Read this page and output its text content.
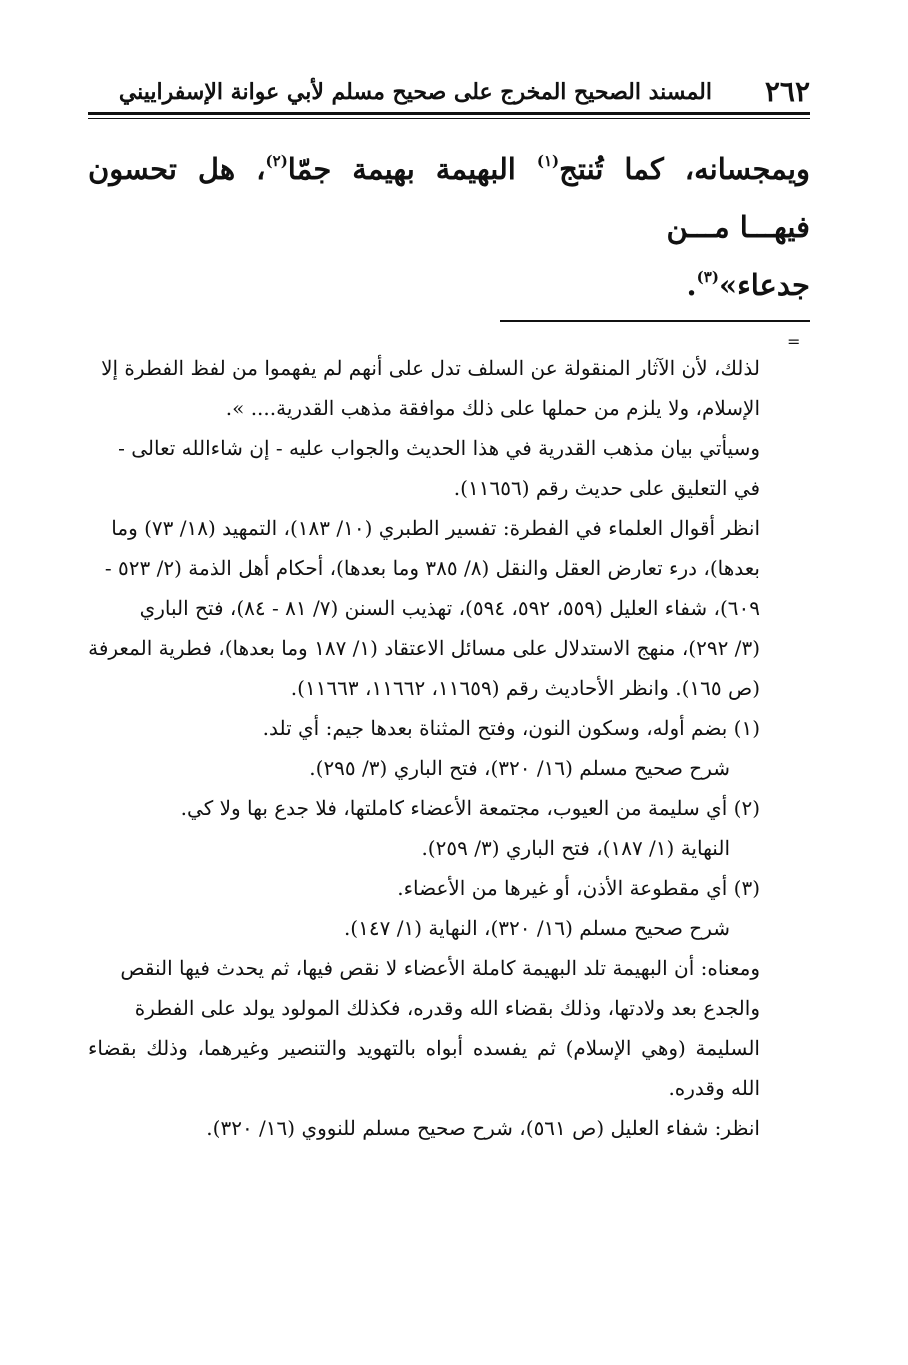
٢٦٢
المسند الصحيح المخرج على صحيح مسلم لأبي عوانة الإسفراييني
ويمجسانه، كما تُنتج$^{(١)}$ البهيمة بهيمة جمّا$^{(٢)}$، هل تحسون فيهـــا مـــن
جدعاء»$^{(٣)}$.
=

لذلك، لأن الآثار المنقولة عن السلف تدل على أنهم لم يفهموا من لفظ الفطرة إلا

الإسلام، ولا يلزم من حملها على ذلك موافقة مذهب القدرية.... ».

وسيأتي بيان مذهب القدرية في هذا الحديث والجواب عليه - إن شاءالله تعالى -

في التعليق على حديث رقم (١١٦٥٦).

انظر أقوال العلماء في الفطرة: تفسير الطبري (١٠/ ١٨٣)، التمهيد (١٨/ ٧٣) وما

بعدها)، درء تعارض العقل والنقل (٨/ ٣٨٥ وما بعدها)، أحكام أهل الذمة (٢/ ٥٢٣ -

٦٠٩)، شفاء العليل (٥٥٩، ٥٩٢، ٥٩٤)، تهذيب السنن (٧/ ٨١ - ٨٤)، فتح الباري

(٣/ ٢٩٢)، منهج الاستدلال على مسائل الاعتقاد (١/ ١٨٧ وما بعدها)، فطرية المعرفة

(ص ١٦٥). وانظر الأحاديث رقم (١١٦٥٩، ١١٦٦٢، ١١٦٦٣).

(١) بضم أوله، وسكون النون، وفتح المثناة بعدها جيم: أي تلد.

شرح صحيح مسلم (١٦/ ٣٢٠)، فتح الباري (٣/ ٢٩٥).

(٢) أي سليمة من العيوب، مجتمعة الأعضاء كاملتها، فلا جدع بها ولا كي.

النهاية (١/ ١٨٧)، فتح الباري (٣/ ٢٥٩).

(٣) أي مقطوعة الأذن، أو غيرها من الأعضاء.

شرح صحيح مسلم (١٦/ ٣٢٠)، النهاية (١/ ١٤٧).

ومعناه: أن البهيمة تلد البهيمة كاملة الأعضاء لا نقص فيها، ثم يحدث فيها النقص

والجدع بعد ولادتها، وذلك بقضاء الله وقدره، فكذلك المولود يولد على الفطرة

السليمة (وهي الإسلام) ثم يفسده أبواه بالتهويد والتنصير وغيرهما، وذلك بقضاء الله وقدره.

انظر: شفاء العليل (ص ٥٦١)، شرح صحيح مسلم للنووي (١٦/ ٣٢٠).
